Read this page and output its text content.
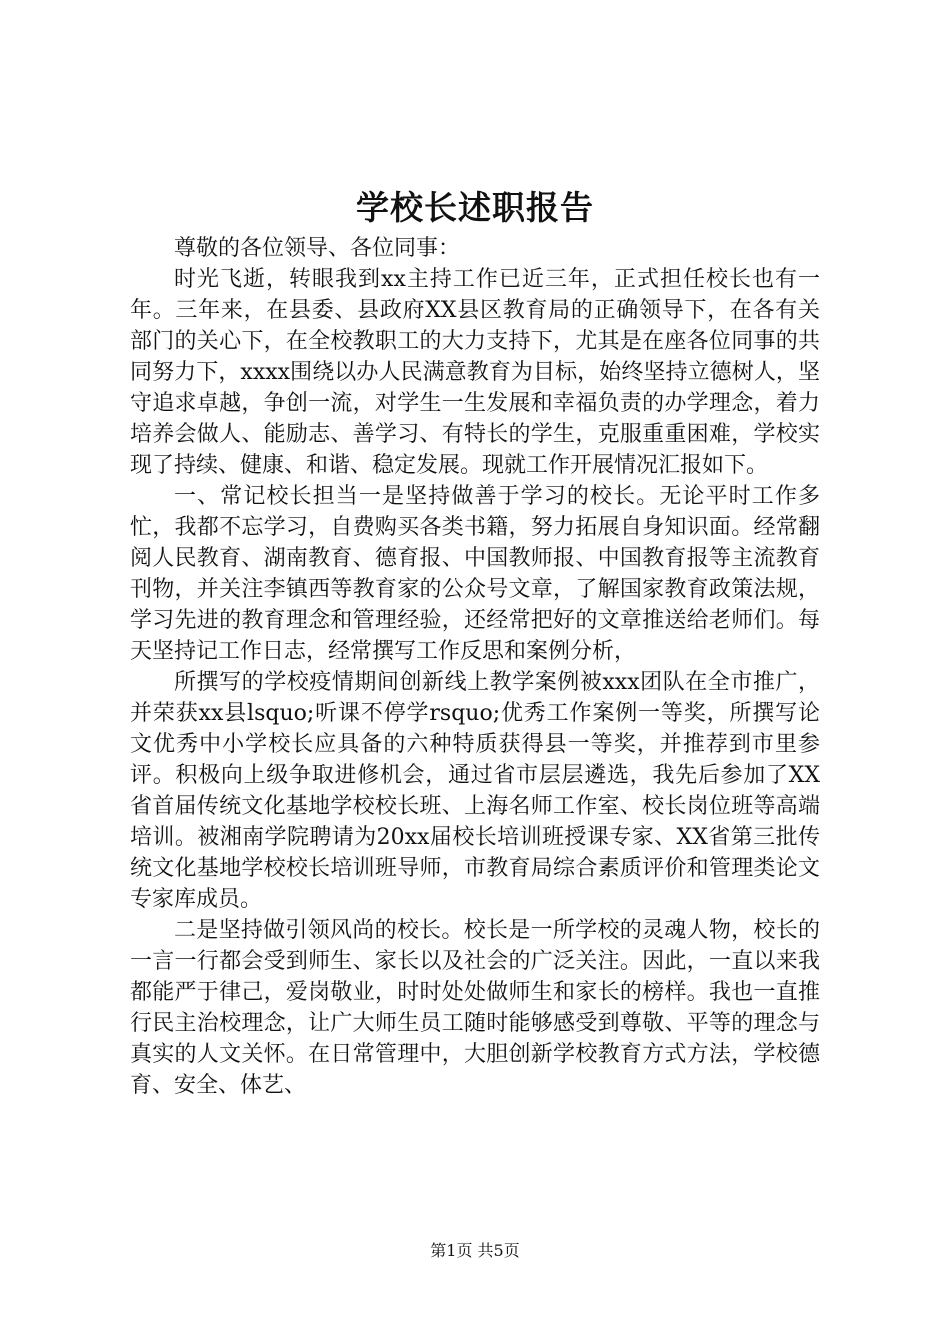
学校长述职报告

尊敬的各位领导、各位同事：

时光飞逝，转眼我到xx主持工作已近三年，正式担任校长也有一年。三年来，在县委、县政府XX县区教育局的正确领导下，在各有关部门的关心下，在全校教职工的大力支持下，尤其是在座各位同事的共同努力下，xxxx围绕以办人民满意教育为目标，始终坚持立德树人，坚守追求卓越，争创一流，对学生一生发展和幸福负责的办学理念，着力培养会做人、能励志、善学习、有特长的学生，克服重重困难，学校实现了持续、健康、和谐、稳定发展。现就工作开展情况汇报如下。

一、常记校长担当一是坚持做善于学习的校长。无论平时工作多忙，我都不忘学习，自费购买各类书籍，努力拓展自身知识面。经常翻阅人民教育、湖南教育、德育报、中国教师报、中国教育报等主流教育刊物，并关注李镇西等教育家的公众号文章，了解国家教育政策法规，学习先进的教育理念和管理经验，还经常把好的文章推送给老师们。每天坚持记工作日志，经常撰写工作反思和案例分析，

所撰写的学校疫情期间创新线上教学案例被xxx团队在全市推广，并荣获xx县lsquo;听课不停学rsquo;优秀工作案例一等奖，所撰写论文优秀中小学校长应具备的六种特质获得县一等奖，并推荐到市里参评。积极向上级争取进修机会，通过省市层层遴选，我先后参加了XX省首届传统文化基地学校校长班、上海名师工作室、校长岗位班等高端培训。被湘南学院聘请为20xx届校长培训班授课专家、XX省第三批传统文化基地学校校长培训班导师，市教育局综合素质评价和管理类论文专家库成员。

二是坚持做引领风尚的校长。校长是一所学校的灵魂人物，校长的一言一行都会受到师生、家长以及社会的广泛关注。因此，一直以来我都能严于律己，爱岗敬业，时时处处做师生和家长的榜样。我也一直推行民主治校理念，让广大师生员工随时能够感受到尊敬、平等的理念与真实的人文关怀。在日常管理中，大胆创新学校教育方式方法，学校德育、安全、体艺、

第1页 共5页
